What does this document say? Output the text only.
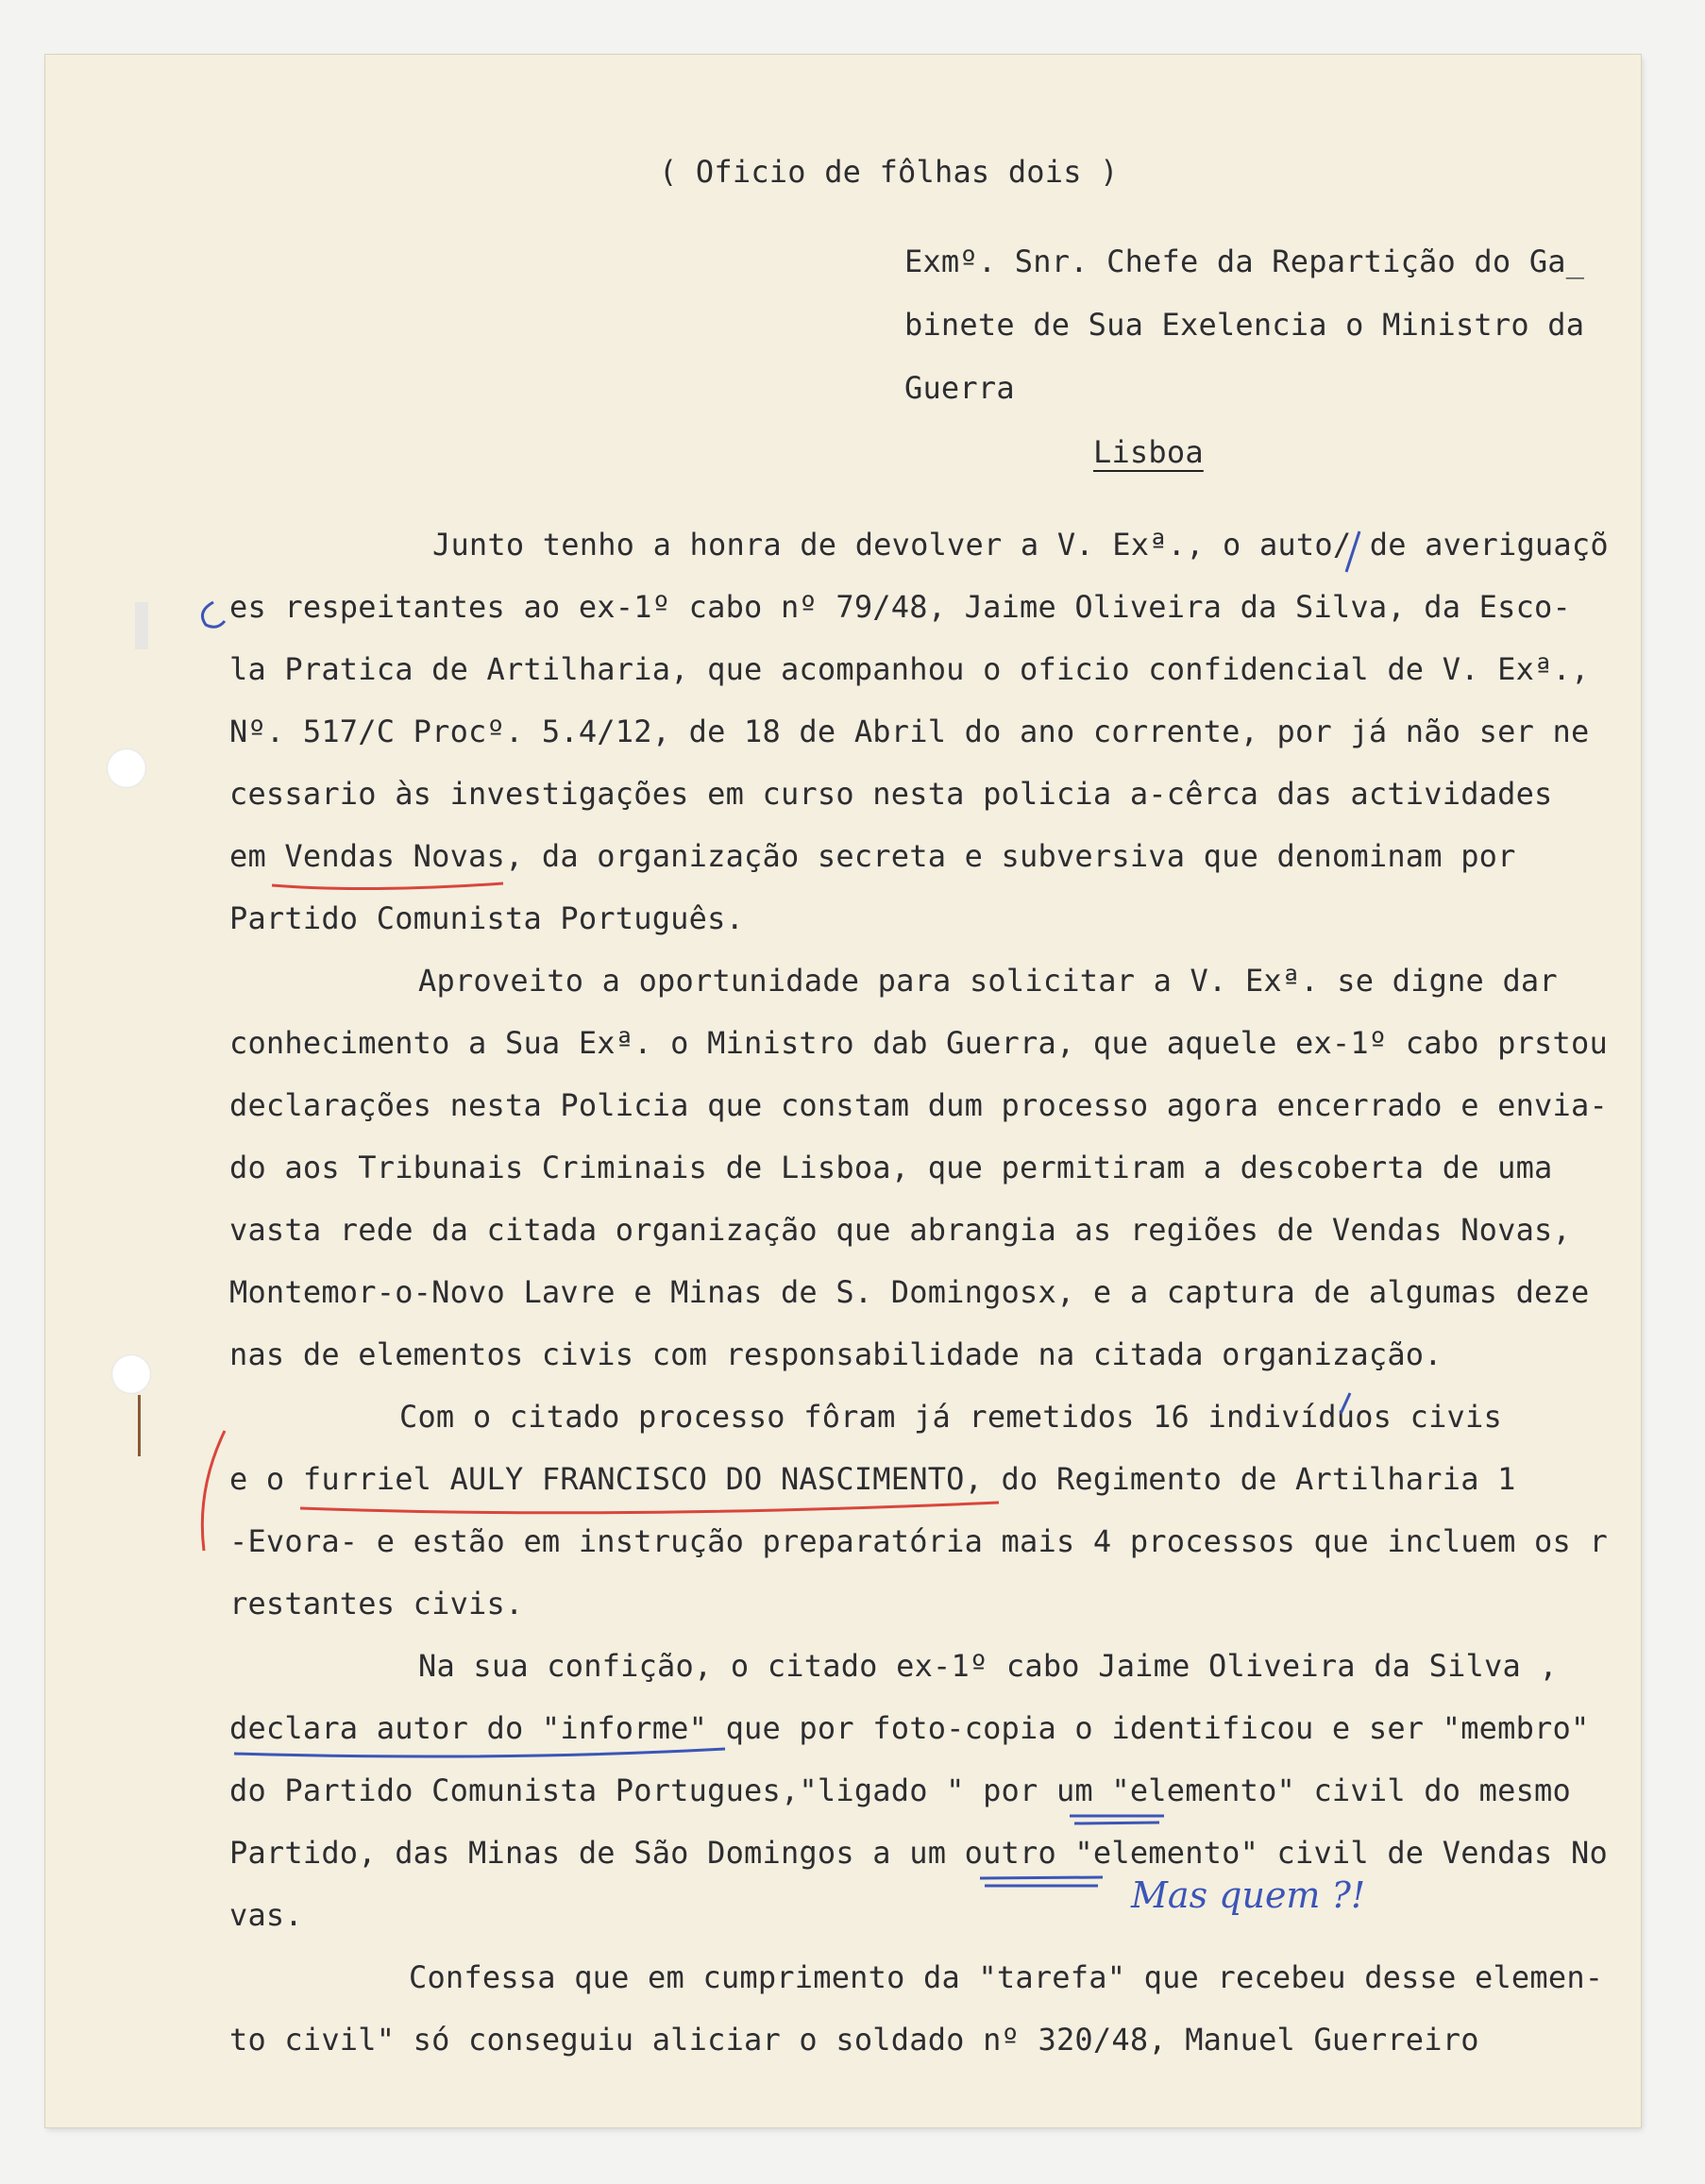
( Oficio de fôlhas dois )
Exmº. Snr. Chefe da Repartição do Ga_
binete de Sua Exelencia o Ministro da
Guerra
Lisboa
Junto tenho a honra de devolver a V. Exª., o auto/ de averiguaçõ
es respeitantes ao ex-1º cabo nº 79/48, Jaime Oliveira da Silva, da Esco-
la Pratica de Artilharia, que acompanhou o oficio confidencial de V. Exª.,
Nº. 517/C Procº. 5.4/12, de 18 de Abril do ano corrente, por já não ser ne
cessario às investigações em curso nesta policia a-cêrca das actividades
em Vendas Novas, da organização secreta e subversiva que denominam por
Partido Comunista Português.
Aproveito a oportunidade para solicitar a V. Exª. se digne dar
conhecimento a Sua Exª. o Ministro dab Guerra, que aquele ex-1º cabo prstou
declarações nesta Policia que constam dum processo agora encerrado e envia-
do aos Tribunais Criminais de Lisboa, que permitiram a descoberta de uma
vasta rede da citada organização que abrangia as regiões de Vendas Novas,
Montemor-o-Novo Lavre e Minas de S. Domingosx, e a captura de algumas deze
nas de elementos civis com responsabilidade na citada organização.
Com o citado processo fôram já remetidos 16 indivíduos civis
e o furriel AULY FRANCISCO DO NASCIMENTO, do Regimento de Artilharia 1
-Evora- e estão em instrução preparatória mais 4 processos que incluem os r
restantes civis.
Na sua confição, o citado ex-1º cabo Jaime Oliveira da Silva ,
declara autor do "informe" que por foto-copia o identificou e ser "membro"
do Partido Comunista Portugues,"ligado " por um "elemento" civil do mesmo
Partido, das Minas de São Domingos a um outro "elemento" civil de Vendas No
vas.
Confessa que em cumprimento da "tarefa" que recebeu desse elemen-
to civil" só conseguiu aliciar o soldado nº 320/48, Manuel Guerreiro
Mas quem ?!
